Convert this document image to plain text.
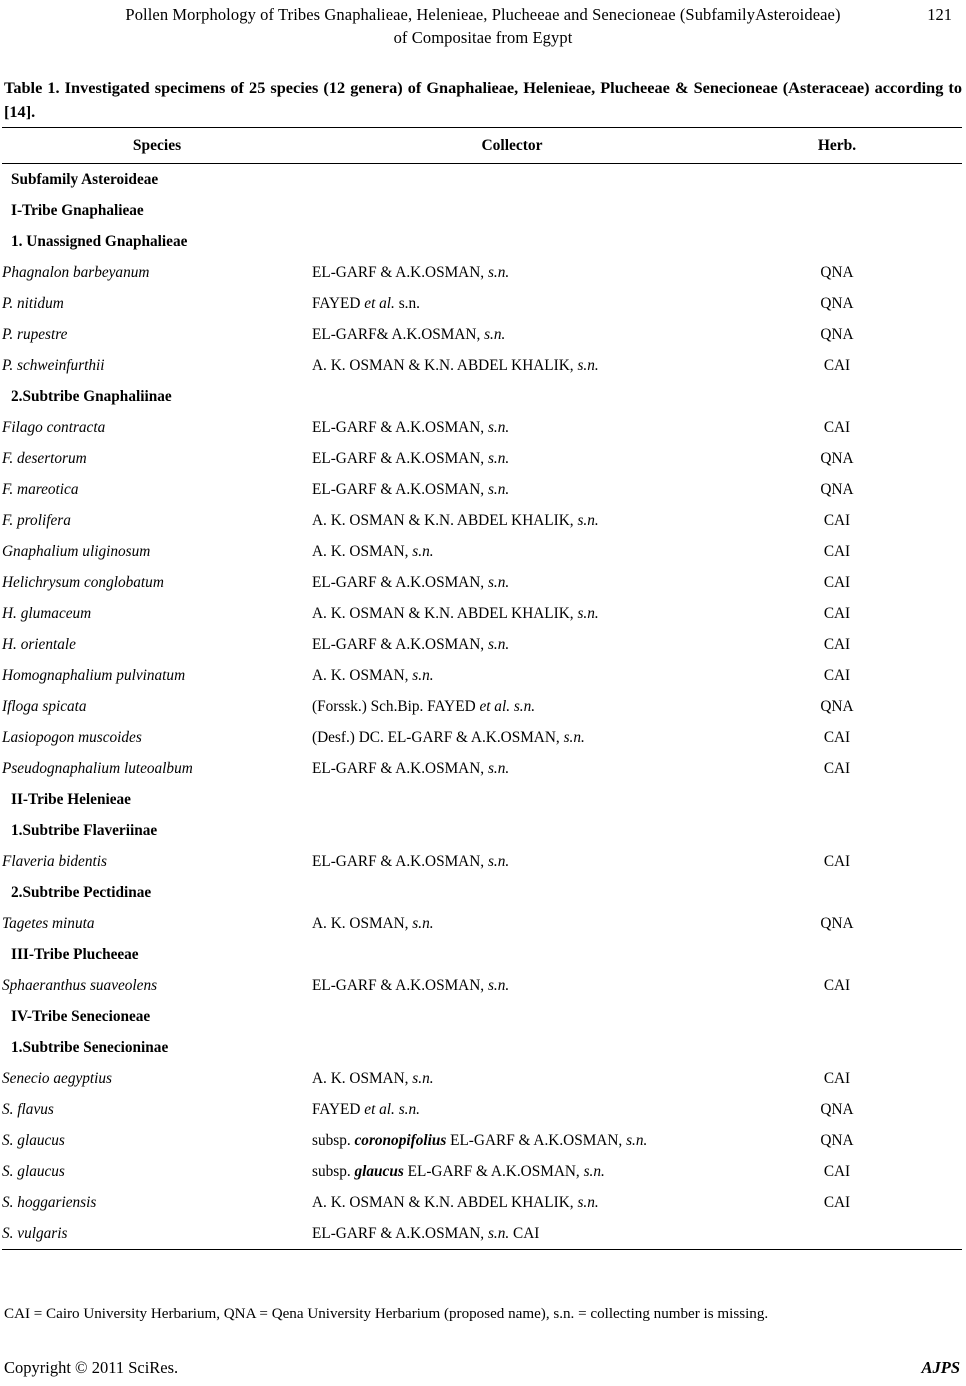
Pollen Morphology of Tribes Gnaphalieae, Helenieae, Plucheeae and Senecioneae (SubfamilyAsteroideae)
of Compositae from Egypt
121
Table 1. Investigated specimens of 25 species (12 genera) of Gnaphalieae, Helenieae, Plucheeae & Senecioneae (Asteraceae) according to [14].
Species	Collector	Herb.
Subfamily Asteroideae		
I-Tribe Gnaphalieae		
1. Unassigned Gnaphalieae		
Phagnalon barbeyanum	EL-GARF & A.K.OSMAN, s.n.	QNA
P. nitidum	FAYED et al. s.n.	QNA
P. rupestre	EL-GARF& A.K.OSMAN, s.n.	QNA
P. schweinfurthii	A. K. OSMAN & K.N. ABDEL KHALIK, s.n.	CAI
2.Subtribe Gnaphaliinae		
Filago contracta	EL-GARF & A.K.OSMAN, s.n.	CAI
F. desertorum	EL-GARF & A.K.OSMAN, s.n.	QNA
F. mareotica	EL-GARF & A.K.OSMAN, s.n.	QNA
F. prolifera	A. K. OSMAN & K.N. ABDEL KHALIK, s.n.	CAI
Gnaphalium uliginosum	A. K. OSMAN, s.n.	CAI
Helichrysum conglobatum	EL-GARF & A.K.OSMAN, s.n.	CAI
H. glumaceum	A. K. OSMAN & K.N. ABDEL KHALIK, s.n.	CAI
H. orientale	EL-GARF & A.K.OSMAN, s.n.	CAI
Homognaphalium pulvinatum	A. K. OSMAN, s.n.	CAI
Ifloga spicata	(Forssk.) Sch.Bip. FAYED et al. s.n.	QNA
Lasiopogon muscoides	(Desf.) DC. EL-GARF & A.K.OSMAN, s.n.	CAI
Pseudognaphalium luteoalbum	EL-GARF & A.K.OSMAN, s.n.	CAI
II-Tribe Helenieae		
1.Subtribe Flaveriinae		
Flaveria bidentis	EL-GARF & A.K.OSMAN, s.n.	CAI
2.Subtribe Pectidinae		
Tagetes minuta	A. K. OSMAN, s.n.	QNA
III-Tribe Plucheeae		
Sphaeranthus suaveolens	EL-GARF & A.K.OSMAN, s.n.	CAI
IV-Tribe Senecioneae		
1.Subtribe Senecioninae		
Senecio aegyptius	A. K. OSMAN, s.n.	CAI
S. flavus	FAYED et al. s.n.	QNA
S. glaucus	subsp. coronopifolius EL-GARF & A.K.OSMAN, s.n.	QNA
S. glaucus	subsp. glaucus EL-GARF & A.K.OSMAN, s.n.	CAI
S. hoggariensis	A. K. OSMAN & K.N. ABDEL KHALIK, s.n.	CAI
S. vulgaris	EL-GARF & A.K.OSMAN, s.n. CAI	
CAI = Cairo University Herbarium, QNA = Qena University Herbarium (proposed name), s.n. = collecting number is missing.
Copyright © 2011 SciRes.	AJPS
